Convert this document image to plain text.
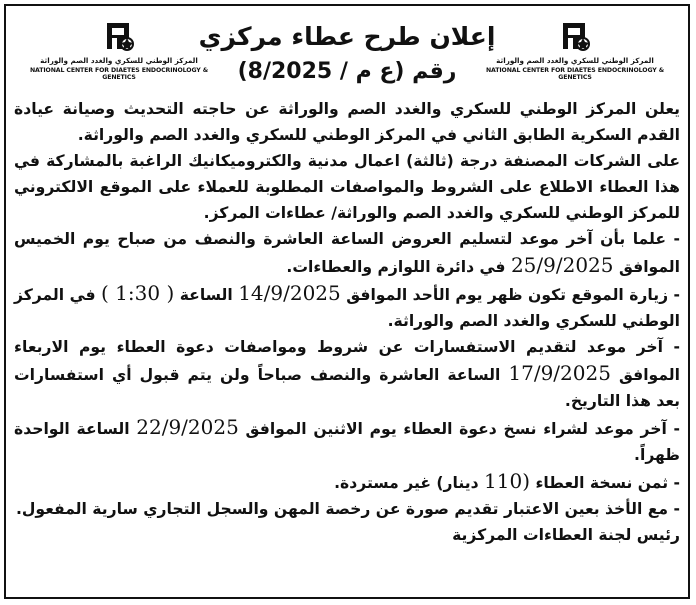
المركز الوطني للسكري والغدد الصم والوراثة
NATIONAL CENTER FOR DIAETES ENDOCRINOLOGY & GENETICS
المركز الوطني للسكري والغدد الصم والوراثة
NATIONAL CENTER FOR DIAETES ENDOCRINOLOGY & GENETICS
إعلان طرح عطاء مركزي
رقم (ع م / 8/2025)

يعلن المركز الوطني للسكري والغدد الصم والوراثة عن حاجته التحديث وصيانة عيادة القدم السكرية الطابق الثاني في المركز الوطني للسكري والغدد الصم والوراثة.

على الشركات المصنفة درجة (ثالثة) اعمال مدنية والكتروميكانيك الراغبة بالمشاركة في هذا العطاء الاطلاع على الشروط والمواصفات المطلوبة للعملاء على الموقع الالكتروني للمركز الوطني للسكري والغدد الصم والوراثة/ عطاءات المركز.

- علما بأن آخر موعد لتسليم العروض الساعة العاشرة والنصف من صباح يوم الخميس الموافق 25/9/2025 في دائرة اللوازم والعطاءات.

- زيارة الموقع تكون ظهر يوم الأحد الموافق 14/9/2025 الساعة ( 1:30 ) في المركز الوطني للسكري والغدد الصم والوراثة.

- آخر موعد لتقديم الاستفسارات عن شروط ومواصفات دعوة العطاء يوم الاربعاء الموافق 17/9/2025 الساعة العاشرة والنصف صباحاً ولن يتم قبول أي استفسارات بعد هذا التاريخ.

- آخر موعد لشراء نسخ دعوة العطاء يوم الاثنين الموافق 22/9/2025 الساعة الواحدة ظهراً.

- ثمن نسخة العطاء (110 دينار) غير مستردة.

- مع الأخذ بعين الاعتبار تقديم صورة عن رخصة المهن والسجل التجاري سارية المفعول.

رئيس لجنة العطاءات المركزية
